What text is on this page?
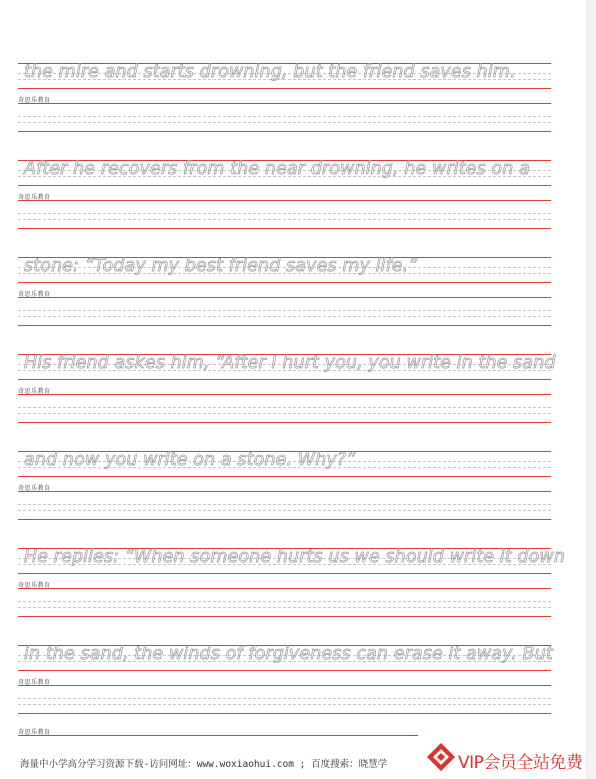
the mire and starts drowning, but the friend saves him.
奇思乐教育
After he recovers from the near drowning, he writes on a
奇思乐教育
stone: “Today my best friend saves my life.”
奇思乐教育
His friend askes him, “After I hurt you, you write in the sand
奇思乐教育
and now you write on a stone. Why?”
奇思乐教育
He replies: “When someone hurts us we should write it down
奇思乐教育
in the sand, the winds of forgiveness can erase it away. But
奇思乐教育
奇思乐教育
海量中小学高分学习资源下载-访问网址：www.woxiaohui.com ; 百度搜索：晓慧学	VIP会员全站免费
